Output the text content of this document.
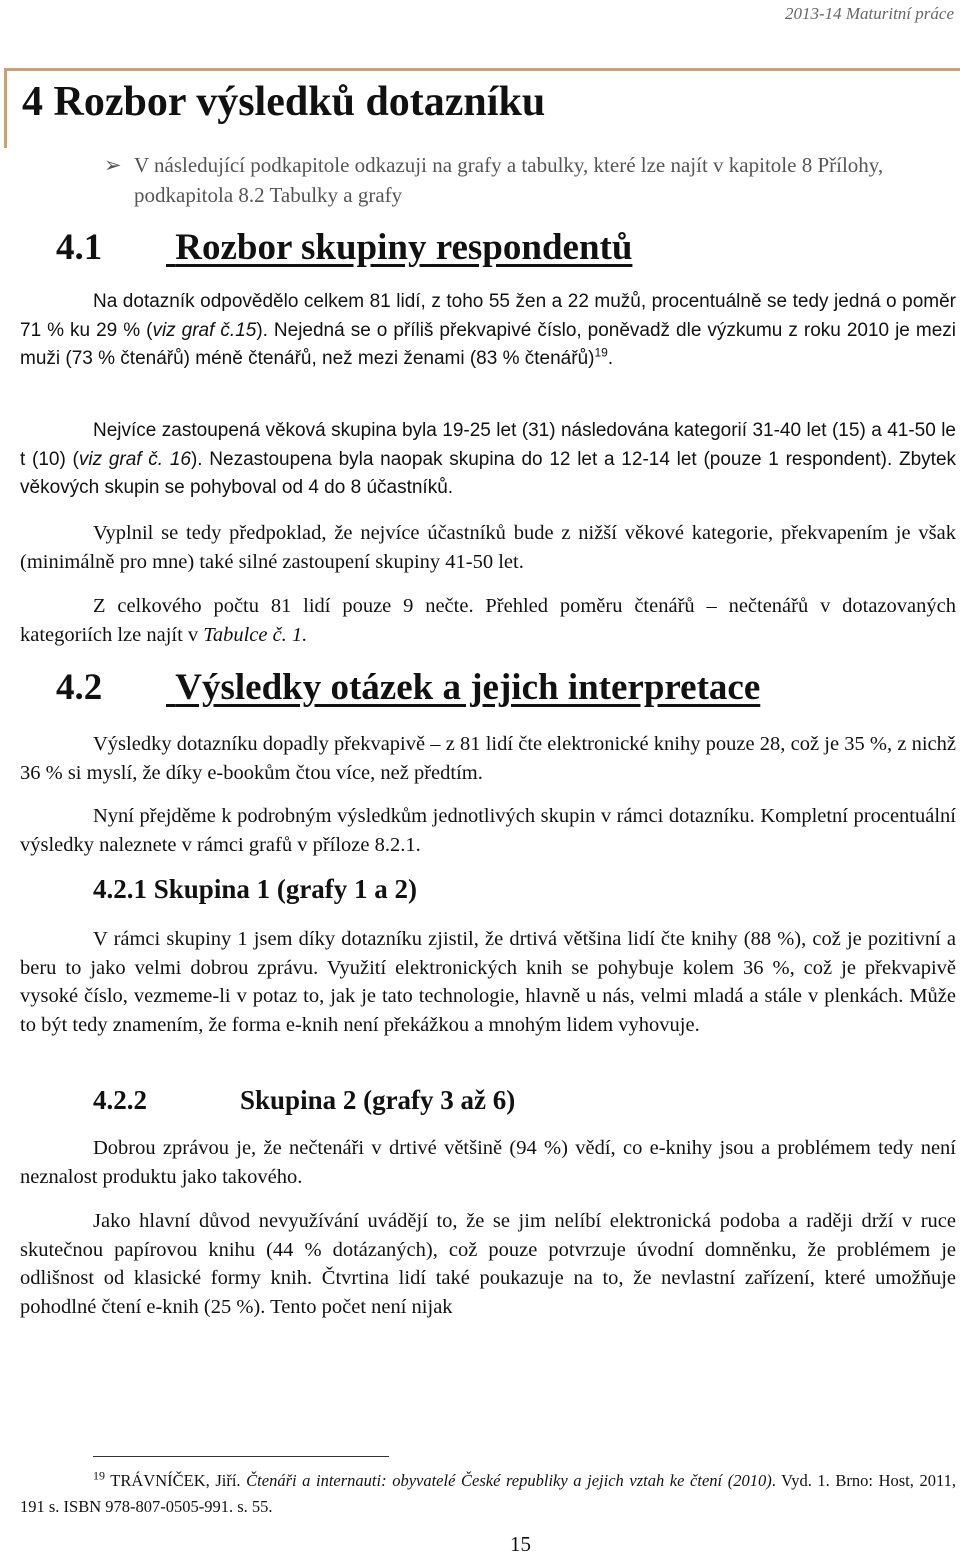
2013-14 Maturitní práce
4 Rozbor výsledků dotazníku
➢ V následující podkapitole odkazuji na grafy a tabulky, které lze najít v kapitole 8 Přílohy, podkapitola 8.2 Tabulky a grafy
4.1 Rozbor skupiny respondentů
Na dotazník odpovědělo celkem 81 lidí, z toho 55 žen a 22 mužů, procentuálně se tedy jedná o poměr 71 % ku 29 % (viz graf č.15). Nejedná se o příliš překvapivé číslo, poněvadž dle výzkumu z roku 2010 je mezi muži (73 % čtenářů) méně čtenářů, než mezi ženami (83 % čtenářů)$^{19}$.
Nejvíce zastoupená věková skupina byla 19-25 let (31) následována kategorií 31-40 let (15) a 41-50 le t (10) (viz graf č. 16). Nezastoupena byla naopak skupina do 12 let a 12-14 let (pouze 1 respondent). Zbytek věkových skupin se pohyboval od 4 do 8 účastníků.
Vyplnil se tedy předpoklad, že nejvíce účastníků bude z nižší věkové kategorie, překvapením je však (minimálně pro mne) také silné zastoupení skupiny 41-50 let.
Z celkového počtu 81 lidí pouze 9 nečte. Přehled poměru čtenářů – nečtenářů v dotazovaných kategoriích lze najít v Tabulce č. 1.
4.2 Výsledky otázek a jejich interpretace
Výsledky dotazníku dopadly překvapivě – z 81 lidí čte elektronické knihy pouze 28, což je 35 %, z nichž 36 % si myslí, že díky e-bookům čtou více, než předtím.
Nyní přejděme k podrobným výsledkům jednotlivých skupin v rámci dotazníku. Kompletní procentuální výsledky naleznete v rámci grafů v příloze 8.2.1.
4.2.1 Skupina 1 (grafy 1 a 2)
V rámci skupiny 1 jsem díky dotazníku zjistil, že drtivá většina lidí čte knihy (88 %), což je pozitivní a beru to jako velmi dobrou zprávu. Využití elektronických knih se pohybuje kolem 36 %, což je překvapivě vysoké číslo, vezmeme-li v potaz to, jak je tato technologie, hlavně u nás, velmi mladá a stále v plenkách. Může to být tedy znamením, že forma e-knih není překážkou a mnohým lidem vyhovuje.
4.2.2	Skupina 2 (grafy 3 až 6)
Dobrou zprávou je, že nečtenáři v drtivé většině (94 %) vědí, co e-knihy jsou a problémem tedy není neznalost produktu jako takového.
Jako hlavní důvod nevyužívání uvádějí to, že se jim nelíbí elektronická podoba a raději drží v ruce skutečnou papírovou knihu (44 % dotázaných), což pouze potvrzuje úvodní domněnku, že problémem je odlišnost od klasické formy knih. Čtvrtina lidí také poukazuje na to, že nevlastní zařízení, které umožňuje pohodlné čtení e-knih (25 %). Tento počet není nijak
$^{19}$ TRÁVNÍČEK, Jiří. Čtenáři a internauti: obyvatelé České republiky a jejich vztah ke čtení (2010). Vyd. 1. Brno: Host, 2011, 191 s. ISBN 978-807-0505-991. s. 55.
15
